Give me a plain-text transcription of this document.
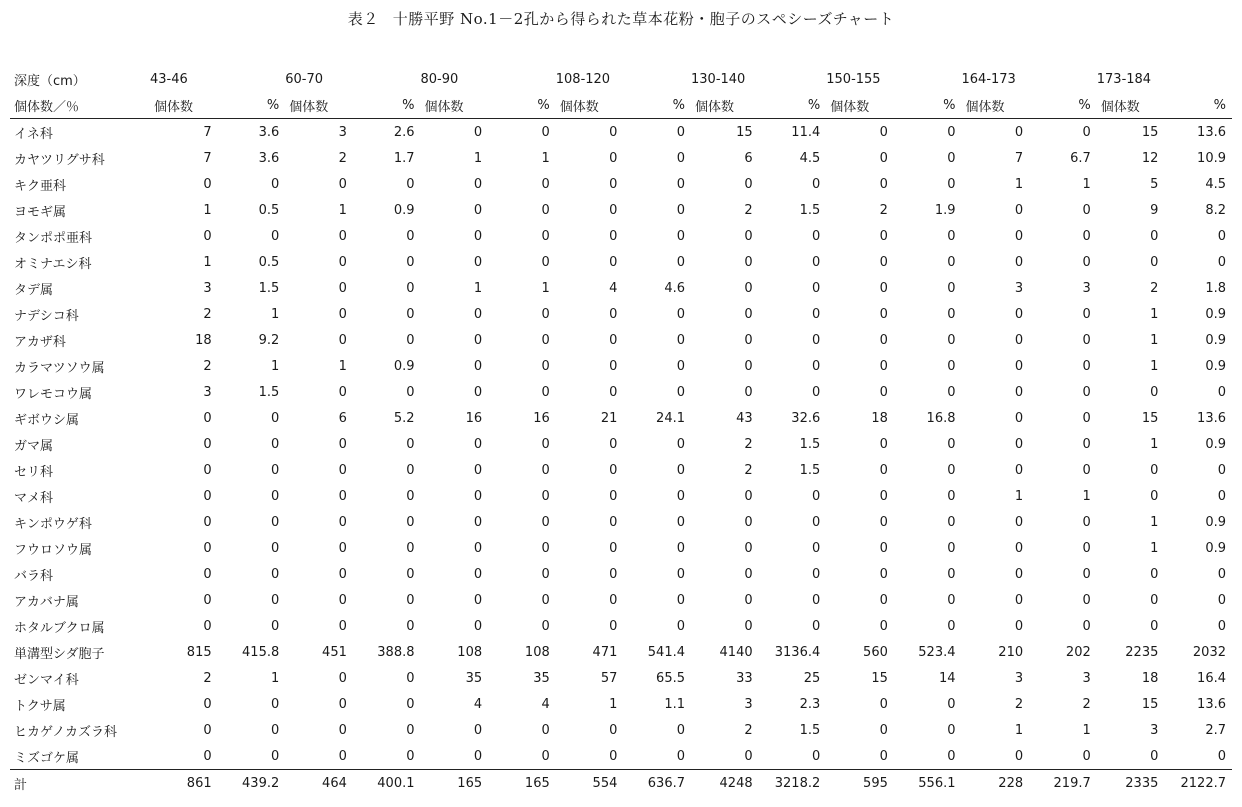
表２ 十勝平野 No.1－2孔から得られた草本花粉・胞子のスペシーズチャート
深度（cm）	43-46		60-70		80-90		108-120		130-140		150-155		164-173		173-184	
個体数／％	個体数	%	個体数	%	個体数	%	個体数	%	個体数	%	個体数	%	個体数	%	個体数	%
イネ科	7	3.6	3	2.6	0	0	0	0	15	11.4	0	0	0	0	15	13.6
カヤツリグサ科	7	3.6	2	1.7	1	1	0	0	6	4.5	0	0	7	6.7	12	10.9
キク亜科	0	0	0	0	0	0	0	0	0	0	0	0	1	1	5	4.5
ヨモギ属	1	0.5	1	0.9	0	0	0	0	2	1.5	2	1.9	0	0	9	8.2
タンポポ亜科	0	0	0	0	0	0	0	0	0	0	0	0	0	0	0	0
オミナエシ科	1	0.5	0	0	0	0	0	0	0	0	0	0	0	0	0	0
タデ属	3	1.5	0	0	1	1	4	4.6	0	0	0	0	3	3	2	1.8
ナデシコ科	2	1	0	0	0	0	0	0	0	0	0	0	0	0	1	0.9
アカザ科	18	9.2	0	0	0	0	0	0	0	0	0	0	0	0	1	0.9
カラマツソウ属	2	1	1	0.9	0	0	0	0	0	0	0	0	0	0	1	0.9
ワレモコウ属	3	1.5	0	0	0	0	0	0	0	0	0	0	0	0	0	0
ギボウシ属	0	0	6	5.2	16	16	21	24.1	43	32.6	18	16.8	0	0	15	13.6
ガマ属	0	0	0	0	0	0	0	0	2	1.5	0	0	0	0	1	0.9
セリ科	0	0	0	0	0	0	0	0	2	1.5	0	0	0	0	0	0
マメ科	0	0	0	0	0	0	0	0	0	0	0	0	1	1	0	0
キンポウゲ科	0	0	0	0	0	0	0	0	0	0	0	0	0	0	1	0.9
フウロソウ属	0	0	0	0	0	0	0	0	0	0	0	0	0	0	1	0.9
バラ科	0	0	0	0	0	0	0	0	0	0	0	0	0	0	0	0
アカバナ属	0	0	0	0	0	0	0	0	0	0	0	0	0	0	0	0
ホタルブクロ属	0	0	0	0	0	0	0	0	0	0	0	0	0	0	0	0
単溝型シダ胞子	815	415.8	451	388.8	108	108	471	541.4	4140	3136.4	560	523.4	210	202	2235	2032
ゼンマイ科	2	1	0	0	35	35	57	65.5	33	25	15	14	3	3	18	16.4
トクサ属	0	0	0	0	4	4	1	1.1	3	2.3	0	0	2	2	15	13.6
ヒカゲノカズラ科	0	0	0	0	0	0	0	0	2	1.5	0	0	1	1	3	2.7
ミズゴケ属	0	0	0	0	0	0	0	0	0	0	0	0	0	0	0	0
計	861	439.2	464	400.1	165	165	554	636.7	4248	3218.2	595	556.1	228	219.7	2335	2122.7
